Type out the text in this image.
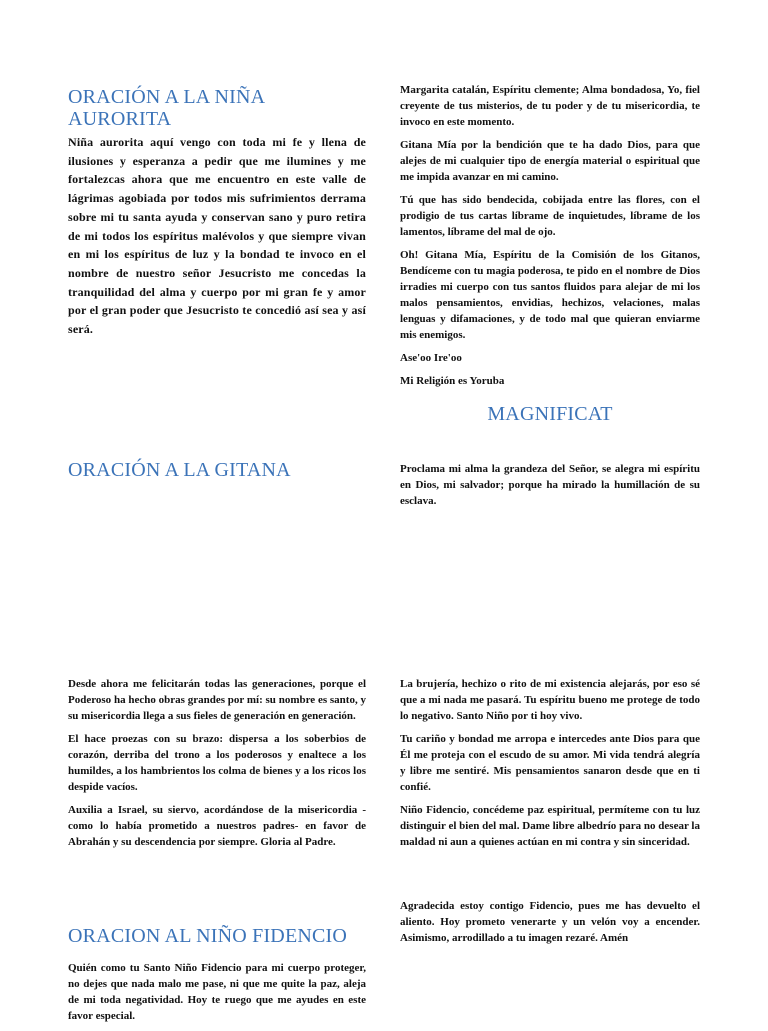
ORACIÓN A LA NIÑA
AURORITA

Niña aurorita aquí vengo con toda mi fe y llena de ilusiones y esperanza a pedir que me ilumines y me fortalezcas ahora que me encuentro en este valle de lágrimas agobiada por todos mis sufrimientos derrama sobre mi tu santa ayuda y conservan sano y puro retira de mi todos los espíritus malévolos y que siempre vivan en mi los espíritus de luz y la bondad te invoco en el nombre de nuestro señor Jesucristo me concedas la tranquilidad del alma y cuerpo por mi gran fe y amor por el gran poder que Jesucristo te concedió así sea y así será.

Margarita catalán, Espíritu clemente; Alma bondadosa, Yo, fiel creyente de tus misterios, de tu poder y de tu misericordia, te invoco en este momento.

Gitana Mía por la bendición que te ha dado Dios, para que alejes de mi cualquier tipo de energía material o espiritual que me impida avanzar en mi camino.

Tú que has sido bendecida, cobijada entre las flores, con el prodigio de tus cartas líbrame de inquietudes, líbrame de los lamentos, líbrame del mal de ojo.

Oh! Gitana Mía, Espíritu de la Comisión de los Gitanos, Bendíceme con tu magia poderosa, te pido en el nombre de Dios irradies mi cuerpo con tus santos fluidos para alejar de mi los malos pensamientos, envidias, hechizos, velaciones, malas lenguas y difamaciones, y de todo mal que quieran enviarme mis enemigos.

Ase'oo Ire'oo

Mi Religión es Yoruba

MAGNIFICAT
ORACIÓN A LA GITANA	Proclama mi alma la grandeza del Señor, se alegra mi espíritu en Dios, mi salvador; porque ha mirado la humillación de su esclava.

Desde ahora me felicitarán todas las generaciones, porque el Poderoso ha hecho obras grandes por mí: su nombre es santo, y su misericordia llega a sus fieles de generación en generación.

El hace proezas con su brazo: dispersa a los soberbios de corazón, derriba del trono a los poderosos y enaltece a los humildes, a los hambrientos los colma de bienes y a los ricos los despide vacíos.

Auxilia a Israel, su siervo, acordándose de la misericordia -como lo había prometido a nuestros padres- en favor de Abrahán y su descendencia por siempre. Gloria al Padre.

La brujería, hechizo o rito de mi existencia alejarás, por eso sé que a mi nada me pasará. Tu espíritu bueno me protege de todo lo negativo. Santo Niño por ti hoy vivo.

Tu cariño y bondad me arropa e intercedes ante Dios para que Él me proteja con el escudo de su amor. Mi vida tendrá alegría y libre me sentiré. Mis pensamientos sanaron desde que en ti confié.

Niño Fidencio, concédeme paz espiritual, permíteme con tu luz distinguir el bien del mal. Dame libre albedrío para no desear la maldad ni aun a quienes actúan en mi contra y sin sinceridad.

Agradecida estoy contigo Fidencio, pues me has devuelto el aliento. Hoy prometo venerarte y un velón voy a encender. Asimismo, arrodillado a tu imagen rezaré. Amén

ORACION AL NIÑO FIDENCIO

Quién como tu Santo Niño Fidencio para mi cuerpo proteger, no dejes que nada malo me pase, ni que me quite la paz, aleja de mi toda negatividad. Hoy te ruego que me ayudes en este favor especial.
